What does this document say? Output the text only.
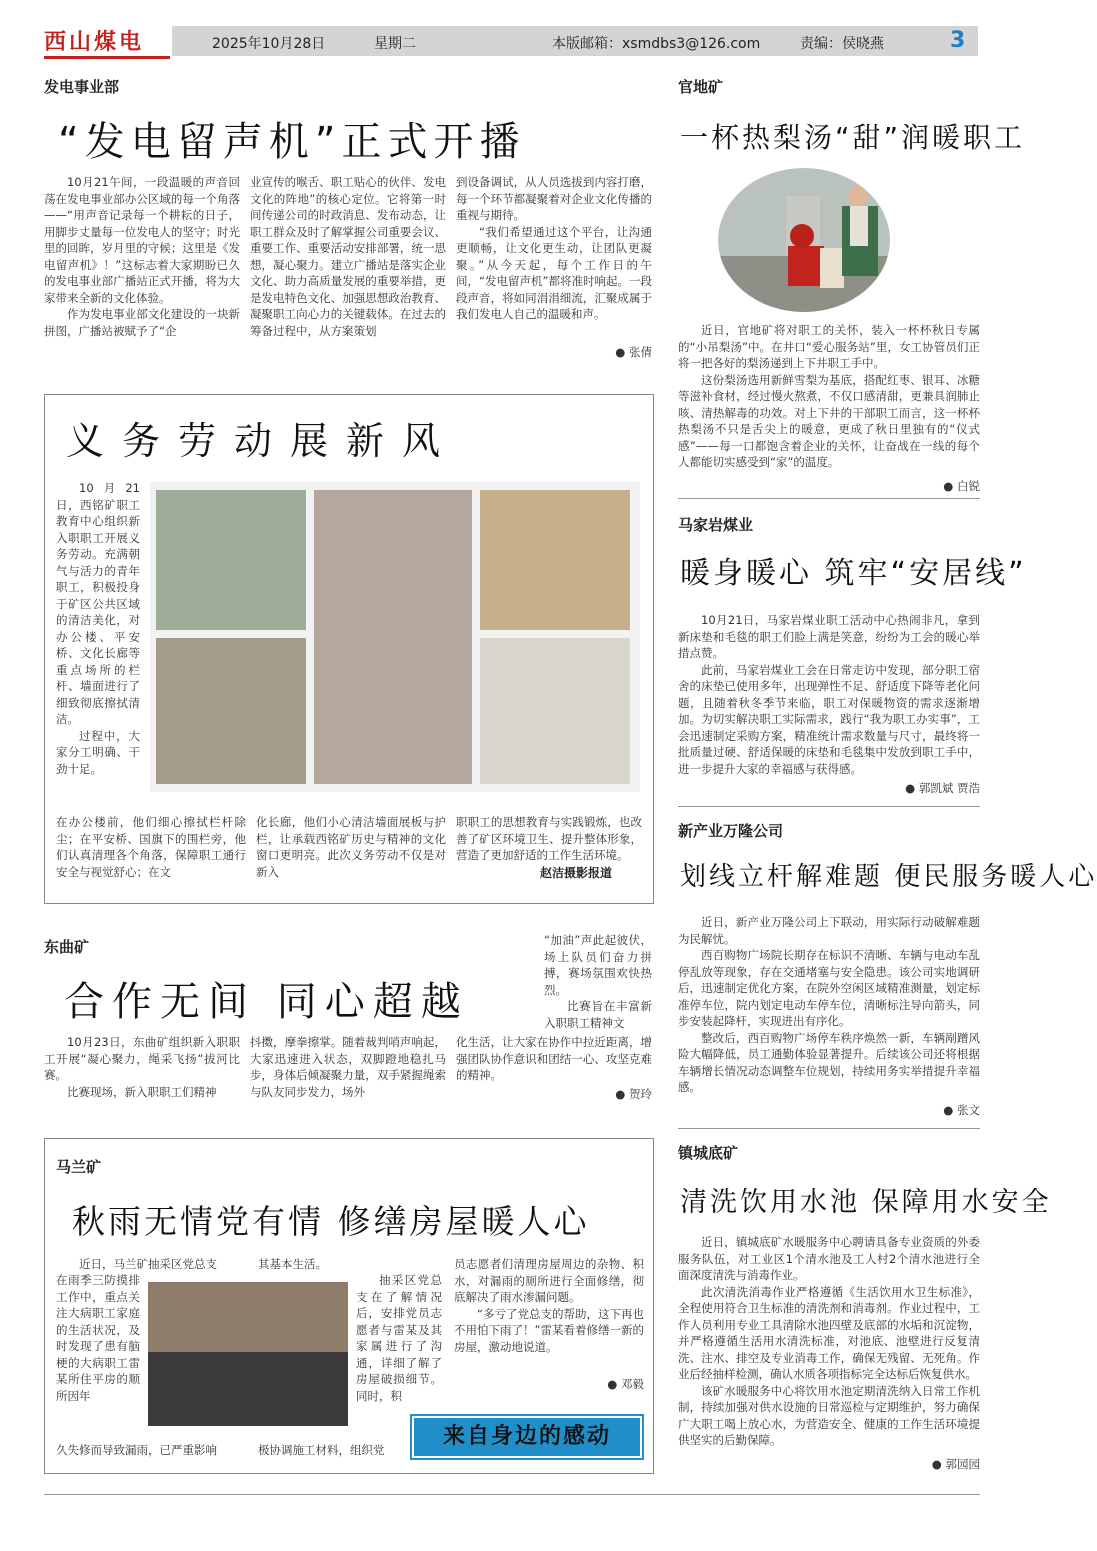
西山煤电	2025年10月28日	星期二	本版邮箱：xsmdbs3@126.com	责编：侯晓燕	3
发电事业部
“发电留声机”正式开播

10月21午间，一段温暖的声音回荡在发电事业部办公区域的每一个角落——“用声音记录每一个耕耘的日子，用脚步丈量每一位发电人的坚守；时光里的回眸，岁月里的守候；这里是《发电留声机》！”这标志着大家期盼已久的发电事业部广播站正式开播，将为大家带来全新的文化体验。

作为发电事业部文化建设的一块新拼图，广播站被赋予了“企

业宣传的喉舌、职工贴心的伙伴、发电文化的阵地”的核心定位。它将第一时间传递公司的时政消息、发布动态，让职工群众及时了解掌握公司重要会议、重要工作、重要活动安排部署，统一思想，凝心聚力。建立广播站是落实企业文化、助力高质量发展的重要举措，更是发电特色文化、加强思想政治教育、凝聚职工向心力的关键载体。在过去的筹备过程中，从方案策划

到设备调试，从人员选拔到内容打磨，每一个环节都凝聚着对企业文化传播的重视与期待。

“我们希望通过这个平台，让沟通更顺畅，让文化更生动，让团队更凝聚。”从今天起，每个工作日的午间，“发电留声机”都将准时响起。一段段声音，将如同涓涓细流，汇聚成属于我们发电人自己的温暖和声。

● 张倩
官地矿
一杯热梨汤“甜”润暖职工

近日，官地矿将对职工的关怀，装入一杯杯秋日专属的“小吊梨汤”中。在井口“爱心服务站”里，女工协管员们正将一把各好的梨汤递到上下井职工手中。

这份梨汤选用新鲜雪梨为基底，搭配红枣、银耳、冰糖等滋补食材，经过慢火熬煮，不仅口感清甜，更兼具润肺止咳、清热解毒的功效。对上下井的干部职工而言，这一杯杯热梨汤不只是舌尖上的暖意，更成了秋日里独有的“仪式感”——每一口都饱含着企业的关怀，让奋战在一线的每个人都能切实感受到“家”的温度。

● 白锐
义务劳动展新风

10月21日，西铭矿职工教育中心组织新入职职工开展义务劳动。充满朝气与活力的青年职工，积极投身于矿区公共区域的清洁美化，对办公楼、平安桥、文化长廊等重点场所的栏杆、墙面进行了细致彻底擦拭清洁。

过程中，大家分工明确、干劲十足。

在办公楼前，他们细心擦拭栏杆除尘；在平安桥、国旗下的围栏旁，他们认真清理各个角落，保障职工通行安全与视觉舒心；在文

化长廊，他们小心清洁墙面展板与护栏，让承载西铭矿历史与精神的文化窗口更明亮。此次义务劳动不仅是对新入

职职工的思想教育与实践锻炼，也改善了矿区环境卫生、提升整体形象，营造了更加舒适的工作生活环境。

赵洁摄影报道
马家岩煤业
暖身暖心 筑牢“安居线”

10月21日，马家岩煤业职工活动中心热闹非凡，拿到新床垫和毛毯的职工们脸上满是笑意，纷纷为工会的暖心举措点赞。

此前，马家岩煤业工会在日常走访中发现，部分职工宿舍的床垫已使用多年，出现弹性不足、舒适度下降等老化问题，且随着秋冬季节来临，职工对保暖物资的需求逐渐增加。为切实解决职工实际需求，践行“我为职工办实事”，工会迅速制定采购方案，精准统计需求数量与尺寸，最终将一批质量过硬、舒适保暖的床垫和毛毯集中发放到职工手中，进一步提升大家的幸福感与获得感。

● 郭凯斌 贾浩
新产业万隆公司
划线立杆解难题 便民服务暖人心

近日，新产业万隆公司上下联动，用实际行动破解难题为民解忧。

西百购物广场院长期存在标识不清晰、车辆与电动车乱停乱放等现象，存在交通堵塞与安全隐患。该公司实地调研后，迅速制定优化方案，在院外空闲区域精准测量，划定标准停车位，院内划定电动车停车位，清晰标注导向箭头，同步安装起降杆，实现进出有序化。

整改后，西百购物广场停车秩序焕然一新，车辆剐蹭风险大幅降低，员工通勤体验显著提升。后续该公司还将根据车辆增长情况动态调整车位规划，持续用务实举措提升幸福感。

● 张文
东曲矿
合作无间 同心超越

“加油”声此起彼伏，场上队员们奋力拼搏，赛场氛围欢快热烈。

比赛旨在丰富新入职职工精神文

10月23日，东曲矿组织新入职职工开展“凝心聚力，绳采飞扬”拔河比赛。

比赛现场，新入职职工们精神

抖擞，摩拳擦掌。随着裁判哨声响起，大家迅速进入状态，双脚蹬地稳扎马步，身体后倾凝聚力量，双手紧握绳索与队友同步发力，场外

化生活，让大家在协作中拉近距离，增强团队协作意识和团结一心、攻坚克难的精神。

● 贺玲
镇城底矿
清洗饮用水池 保障用水安全

近日，镇城底矿水暖服务中心聘请具备专业资质的外委服务队伍，对工业区1个清水池及工人村2个清水池进行全面深度清洗与消毒作业。

此次清洗消毒作业严格遵循《生活饮用水卫生标准》，全程使用符合卫生标准的清洗剂和消毒剂。作业过程中，工作人员利用专业工具清除水池四壁及底部的水垢和沉淀物，并严格遵循生活用水清洗标准，对池底、池壁进行反复清洗、注水、排空及专业消毒工作，确保无残留、无死角。作业后经抽样检测，确认水质各项指标完全达标后恢复供水。

该矿水暖服务中心将饮用水池定期清洗纳入日常工作机制，持续加强对供水设施的日常巡检与定期维护，努力确保广大职工喝上放心水，为营造安全、健康的工作生活环境提供坚实的后勤保障。

● 郭园园
马兰矿
秋雨无情党有情 修缮房屋暖人心

近日，马兰矿抽采区党总支

在雨季三防摸排工作中，重点关注大病职工家庭的生活状况，及时发现了患有脑梗的大病职工雷某所住平房的顺所因年

久失修而导致漏雨，已严重影响

其基本生活。

抽采区党总支在了解情况后，安排党员志愿者与雷某及其家属进行了沟通，详细了解了房屋破损细节。同时，积

极协调施工材料，组织党

员志愿者们清理房屋周边的杂物、积水，对漏雨的厕所进行全面修缮，彻底解决了雨水渗漏问题。

“多亏了党总支的帮助，这下再也不用怕下雨了！”雷某看着修缮一新的房屋，激动地说道。

● 邓毅
来自身边的感动
